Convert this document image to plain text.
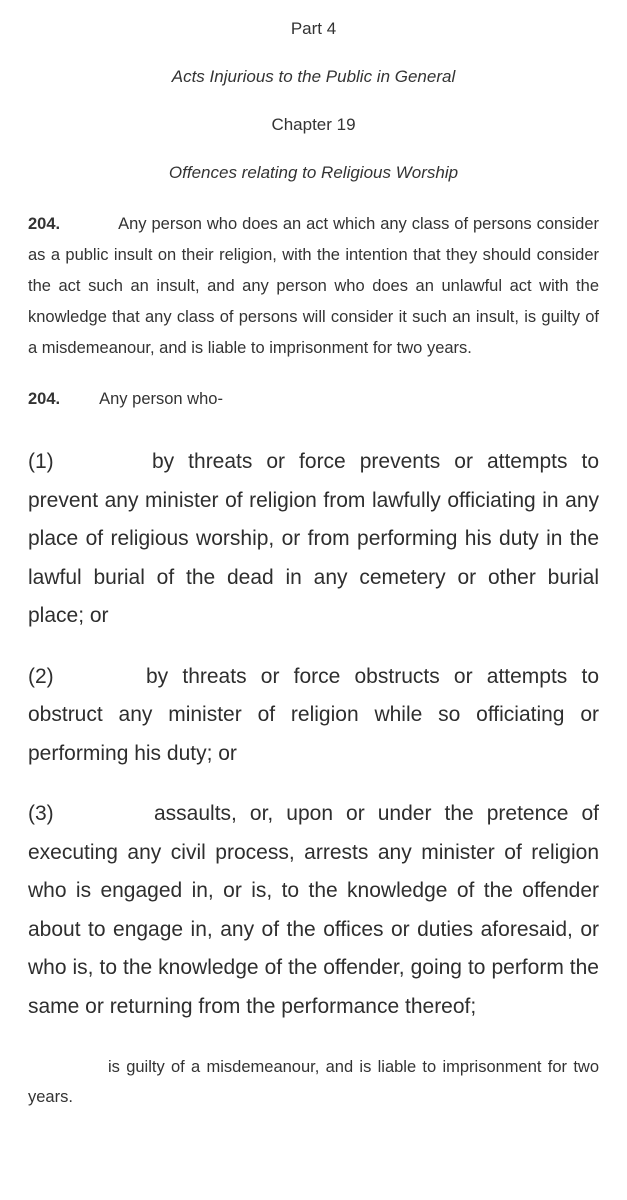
Part 4

Acts Injurious to the Public in General

Chapter 19

Offences relating to Religious Worship

204.	Any person who does an act which any class of persons consider as a public insult on their religion, with the intention that they should consider the act such an insult, and any person who does an unlawful act with the knowledge that any class of persons will consider it such an insult, is guilty of a misdemeanour, and is liable to imprisonment for two years.

204. Any person who-

(1)	by threats or force prevents or attempts to prevent any minister of religion from lawfully officiating in any place of religious worship, or from performing his duty in the lawful burial of the dead in any cemetery or other burial place; or

(2)	by threats or force obstructs or attempts to obstruct any minister of religion while so officiating or performing his duty; or

(3)	assaults, or, upon or under the pretence of executing any civil process, arrests any minister of religion who is engaged in, or is, to the knowledge of the offender about to engage in, any of the offices or duties aforesaid, or who is, to the knowledge of the offender, going to perform the same or returning from the performance thereof;

is guilty of a misdemeanour, and is liable to imprisonment for two years.
